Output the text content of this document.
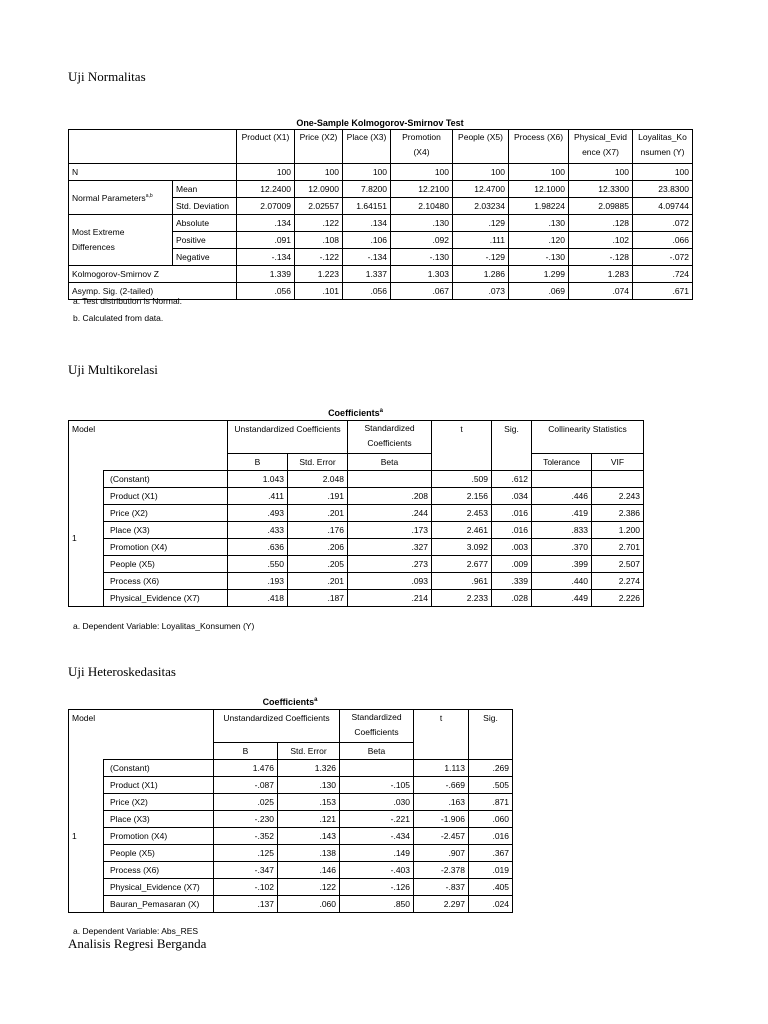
Uji Normalitas
One-Sample Kolmogorov-Smirnov Test
		Product (X1)	Price (X2)	Place (X3)	Promotion (X4)	People (X5)	Process (X6)	Physical_Evidence (X7)	Loyalitas_Konsumen (Y)
N		100	100	100	100	100	100	100	100
Normal Parameters$^{a,b}$	Mean	12.2400	12.0900	7.8200	12.2100	12.4700	12.1000	12.3300	23.8300
	Std. Deviation	2.07009	2.02557	1.64151	2.10480	2.03234	1.98224	2.09885	4.09744
Most Extreme Differences	Absolute	.134	.122	.134	.130	.129	.130	.128	.072
	Positive	.091	.108	.106	.092	.111	.120	.102	.066
	Negative	-.134	-.122	-.134	-.130	-.129	-.130	-.128	-.072
Kolmogorov-Smirnov Z		1.339	1.223	1.337	1.303	1.286	1.299	1.283	.724
Asymp. Sig. (2-tailed)		.056	.101	.056	.067	.073	.069	.074	.671
a. Test distribution is Normal.
b. Calculated from data.
Uji Multikorelasi
Coefficients$^a$
Model		Unstandardized Coefficients		Standardized Coefficients	t	Sig.	Collinearity Statistics	
		B	Std. Error	Beta			Tolerance	VIF
1	(Constant)	1.043	2.048		.509	.612		
	Product (X1)	.411	.191	.208	2.156	.034	.446	2.243
	Price (X2)	.493	.201	.244	2.453	.016	.419	2.386
	Place (X3)	.433	.176	.173	2.461	.016	.833	1.200
	Promotion (X4)	.636	.206	.327	3.092	.003	.370	2.701
	People (X5)	.550	.205	.273	2.677	.009	.399	2.507
	Process (X6)	.193	.201	.093	.961	.339	.440	2.274
	Physical_Evidence (X7)	.418	.187	.214	2.233	.028	.449	2.226
a. Dependent Variable: Loyalitas_Konsumen (Y)
Uji Heteroskedasitas
Coefficients$^a$
Model		Unstandardized Coefficients		Standardized Coefficients	t	Sig.
		B	Std. Error	Beta		
1	(Constant)	1.476	1.326		1.113	.269
	Product (X1)	-.087	.130	-.105	-.669	.505
	Price (X2)	.025	.153	.030	.163	.871
	Place (X3)	-.230	.121	-.221	-1.906	.060
	Promotion (X4)	-.352	.143	-.434	-2.457	.016
	People (X5)	.125	.138	.149	.907	.367
	Process (X6)	-.347	.146	-.403	-2.378	.019
	Physical_Evidence (X7)	-.102	.122	-.126	-.837	.405
	Bauran_Pemasaran (X)	.137	.060	.850	2.297	.024
a. Dependent Variable: Abs_RES
Analisis Regresi Berganda
